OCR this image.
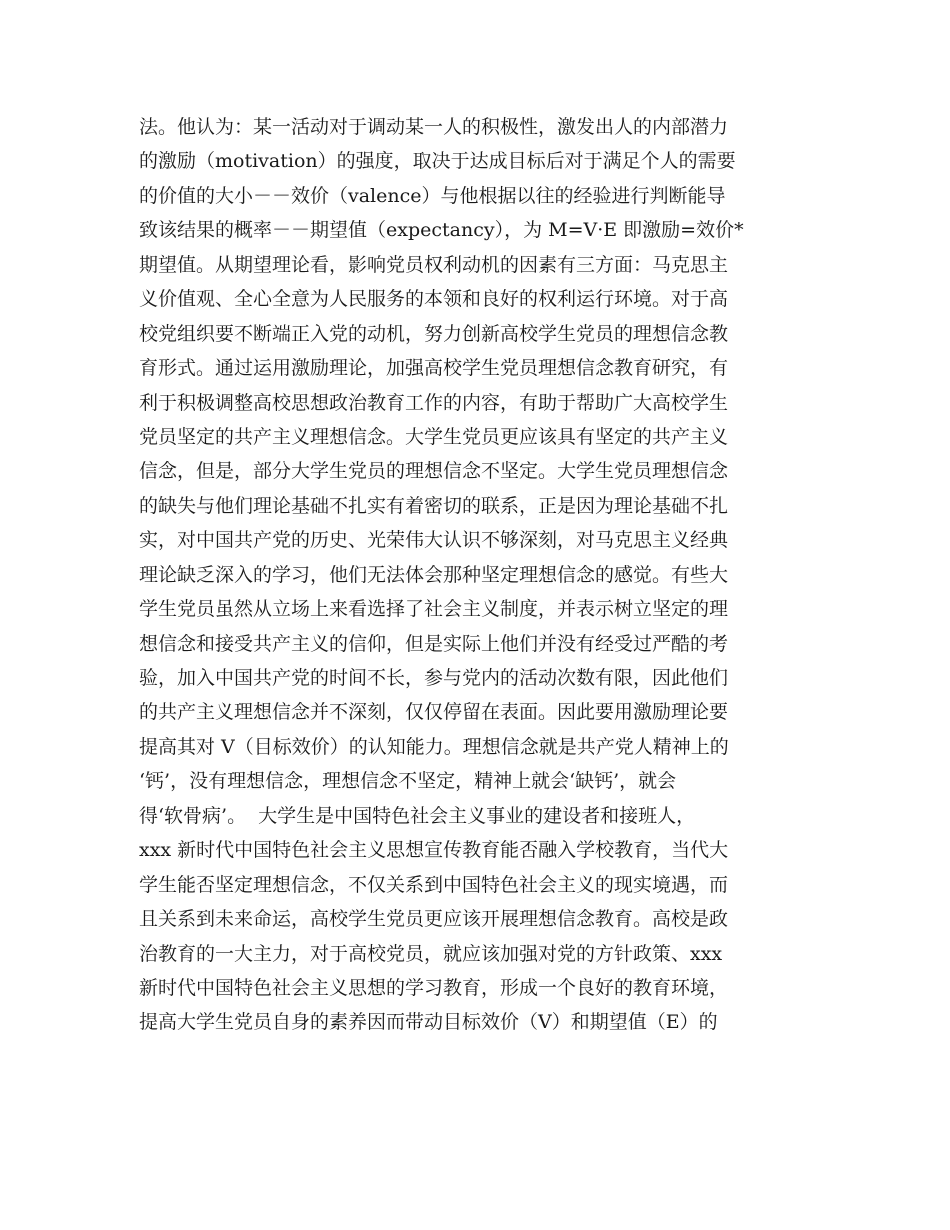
法。他认为：某一活动对于调动某一人的积极性，激发出人的内部潜力
的激励（motivation）的强度，取决于达成目标后对于满足个人的需要
的价值的大小－－效价（valence）与他根据以往的经验进行判断能导
致该结果的概率－－期望值（expectancy），为 M=V·E 即激励=效价*
期望值。从期望理论看，影响党员权利动机的因素有三方面：马克思主
义价值观、全心全意为人民服务的本领和良好的权利运行环境。对于高
校党组织要不断端正入党的动机，努力创新高校学生党员的理想信念教
育形式。通过运用激励理论，加强高校学生党员理想信念教育研究，有
利于积极调整高校思想政治教育工作的内容，有助于帮助广大高校学生
党员坚定的共产主义理想信念。大学生党员更应该具有坚定的共产主义
信念，但是，部分大学生党员的理想信念不坚定。大学生党员理想信念
的缺失与他们理论基础不扎实有着密切的联系，正是因为理论基础不扎
实，对中国共产党的历史、光荣伟大认识不够深刻，对马克思主义经典
理论缺乏深入的学习，他们无法体会那种坚定理想信念的感觉。有些大
学生党员虽然从立场上来看选择了社会主义制度，并表示树立坚定的理
想信念和接受共产主义的信仰，但是实际上他们并没有经受过严酷的考
验，加入中国共产党的时间不长，参与党内的活动次数有限，因此他们
的共产主义理想信念并不深刻，仅仅停留在表面。因此要用激励理论要
提高其对 V（目标效价）的认知能力。理想信念就是共产党人精神上的
‘钙’，没有理想信念，理想信念不坚定，精神上就会‘缺钙’，就会
得‘软骨病’。  大学生是中国特色社会主义事业的建设者和接班人，
xxx 新时代中国特色社会主义思想宣传教育能否融入学校教育，当代大
学生能否坚定理想信念，不仅关系到中国特色社会主义的现实境遇，而
且关系到未来命运，高校学生党员更应该开展理想信念教育。高校是政
治教育的一大主力，对于高校党员，就应该加强对党的方针政策、xxx
新时代中国特色社会主义思想的学习教育，形成一个良好的教育环境，
提高大学生党员自身的素养因而带动目标效价（V）和期望值（E）的
